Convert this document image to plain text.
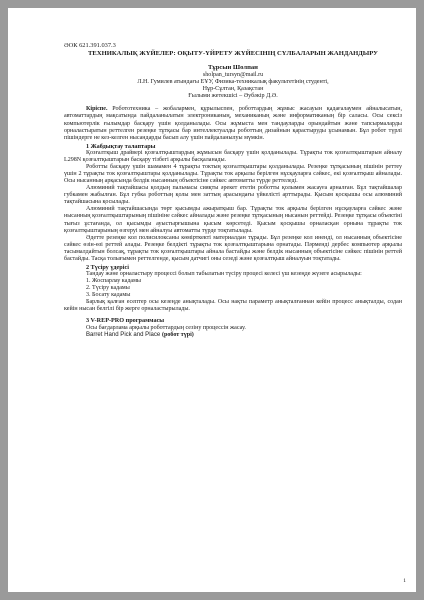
ӘОК 621.391.037.3
ТЕХНИКАЛЫҚ ЖҮЙЕЛЕР: ОҚЫТУ-ҮЙРЕТУ ЖҮЙЕСІНІҢ СҮЛБАЛАРЫН ЖАНДАНДЫРУ
Тұрсын Шолпан
sholpan_tursyn@mail.ru
Л.Н. Гумилев атындағы ЕҰУ, Физика-техникалық факультетінің студенті,
Нұр-Сұлтан, Қазақстан
Ғылыми жетекшісі – Әубәкір Д.Ә.

Кіріспе. Робототехника – жобалармен, құрылыспен, роботтардың жұмыс жасауын қадағалаумен айналысатын, автоматтардың мақсатында пайдаланылатын электрониканың, механиканың және информатиканың бір саласы. Осы сексіз компьютерлік ғылымдар басқару үшін қолданылады. Осы жұмыста мен тандауларды орындайтын және тапсырмаларды орналастыратын реттелген резеңке тұтқасы бар интеллектуалды роботтың дизайнын қарастыруды ұсынамын. Бұл робот түрлі пішіндерге не кез-келген нысандарды басып алу үшін пайдаланылуы мүмкін.

1 Жабдықтау талаптары

Қозғалтқыш драйвері қозғалтқыштардың жұмысын басқару үшін қолданылады. Тұрақты ток қозғалтқыштарын айналу L298N қозғалтқыштарын басқару тізбегі арқылы басқаланады.

Роботты басқару үшін шамамен 4 тұрақты токтың қозғалтқыштары қолданылады. Резеңке тұтқасының пішінін реттеу үшін 2 тұрақты ток қозғалтқыштары қолданылады. Тұрақты ток арқылы берілген нұсқауларға сәйкес, екі қозғалтқыш айналады. Осы нысанның арқасында белдік нысанның объектісіне сәйкес автоматты түрде реттеледі.

Алюминий тақтайшасы қолдың пальмасы сияқты әрекет ететін роботты қолымен жасауға арналған. Бұл тақтайшалар губкамен жабылған. Бұл губка роботтың қолы мен заттың арасындағы үйкелісті арттырады. Қысым қосқышы осы алюминий тақтайшасына қосылады.

Алюминий тақтайшасында төрт қысымды ажыратқыш бар. Тұрақты ток арқылы берілген нұсқауларға сәйкес және нысанның қозғалтқыштарының пішініне сәйкес айналады және резеңке тұтқасының нысанын реттейді. Резеңке тұтқасы объектіні тығыз ұстағанда, ол қысымды ауыстырғышына қысым көрсетеді. Қысым қосқышы орналасқан орнына тұрақты ток қозғалтқыштарының өзгеруі мен айналуы автоматты түрде тоқтатылады.

Әдетте резеңке кол полисилоксаны көмірткекті материалдан тұрады. Бұл резеңке кол иненді, ол нысанның объектісіне сәйкес өзін-өзі реттей алады. Резеңке белдікті тұрақты ток қозғалтқыштарына орнатады. Пәрменді дербес компьютер арқылы тасымалдайтын болсақ, тұрақты ток қозғалтқыштары айнала бастайды және белдік нысанның объектісіне сәйкес пішінін реттей бастайды. Тасқа толығымен реттелгенде, қысым датчигі оны сезеді және қозғалтқыш айналуын тоқтатады.

2 Түсіру үдерісі

Тандау және орналастыру процессі болып табылатын түсіру процесі келесі үш кезеңде жүзеге асырылады:

1. Жоспарлау кадамы
2. Түсіру кадамы
3. Босату кадамы

Барлық қалған есептер осы кезеңде анықталады. Осы нақты параметр анықталғаннан кейін процесс анықталды, содан кейін нысан белгілі бір жерге орналастырылады.

3 V-REP-PRO программасы

Осы бағдарлама арқылы роботтардың сезіну процессін жасау.

Barret Hand Pick and Place (робот түрі)
1
